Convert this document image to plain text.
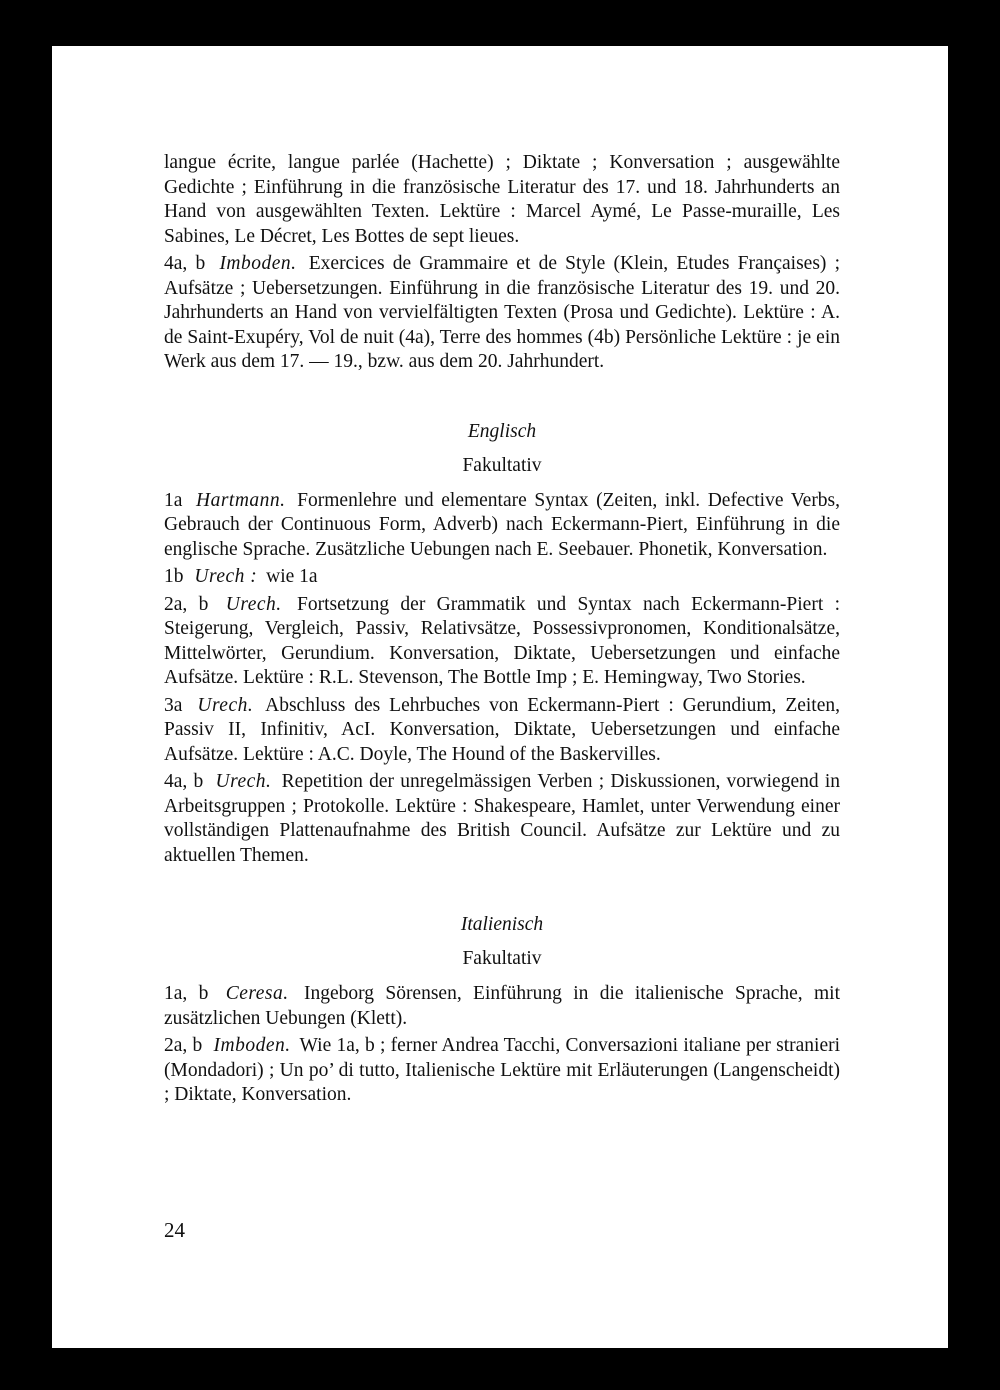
langue écrite, langue parlée (Hachette) ; Diktate ; Konversation ; ausgewählte Gedichte ; Einführung in die französische Literatur des 17. und 18. Jahrhunderts an Hand von ausgewählten Texten. Lektüre : Marcel Aymé, Le Passe-muraille, Les Sabines, Le Décret, Les Bottes de sept lieues.

4a, b Imboden. Exercices de Grammaire et de Style (Klein, Etudes Françaises) ; Aufsätze ; Uebersetzungen. Einführung in die französische Literatur des 19. und 20. Jahrhunderts an Hand von vervielfältigten Texten (Prosa und Gedichte). Lektüre : A. de Saint-Exupéry, Vol de nuit (4a), Terre des hommes (4b) Persönliche Lektüre : je ein Werk aus dem 17. — 19., bzw. aus dem 20. Jahrhundert.

Englisch

Fakultativ

1a Hartmann. Formenlehre und elementare Syntax (Zeiten, inkl. Defective Verbs, Gebrauch der Continuous Form, Adverb) nach Eckermann-Piert, Einführung in die englische Sprache. Zusätzliche Uebungen nach E. Seebauer. Phonetik, Konversation.

1b Urech : wie 1a

2a, b Urech. Fortsetzung der Grammatik und Syntax nach Eckermann-Piert : Steigerung, Vergleich, Passiv, Relativsätze, Possessivpronomen, Konditionalsätze, Mittelwörter, Gerundium. Konversation, Diktate, Uebersetzungen und einfache Aufsätze. Lektüre : R.L. Stevenson, The Bottle Imp ; E. Hemingway, Two Stories.

3a Urech. Abschluss des Lehrbuches von Eckermann-Piert : Gerundium, Zeiten, Passiv II, Infinitiv, AcI. Konversation, Diktate, Uebersetzungen und einfache Aufsätze. Lektüre : A.C. Doyle, The Hound of the Baskervilles.

4a, b Urech. Repetition der unregelmässigen Verben ; Diskussionen, vorwiegend in Arbeitsgruppen ; Protokolle. Lektüre : Shakespeare, Hamlet, unter Verwendung einer vollständigen Plattenaufnahme des British Council. Aufsätze zur Lektüre und zu aktuellen Themen.

Italienisch

Fakultativ

1a, b Ceresa. Ingeborg Sörensen, Einführung in die italienische Sprache, mit zusätzlichen Uebungen (Klett).

2a, b Imboden. Wie 1a, b ; ferner Andrea Tacchi, Conversazioni italiane per stranieri (Mondadori) ; Un po’ di tutto, Italienische Lektüre mit Erläuterungen (Langenscheidt) ; Diktate, Konversation.

24
